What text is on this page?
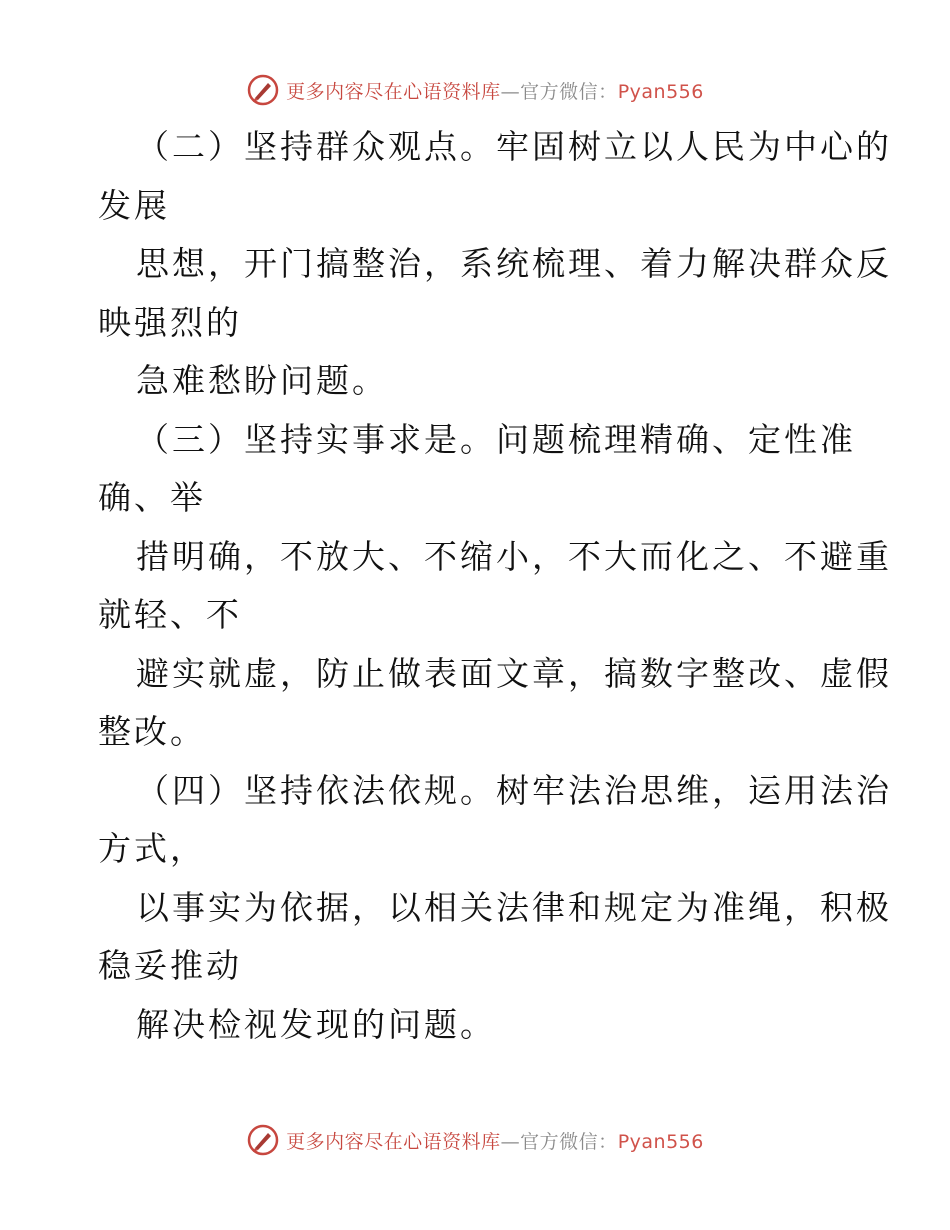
更多内容尽在心语资料库—官方微信：Pyan556
（二）坚持群众观点。牢固树立以人民为中心的
发展
思想，开门搞整治，系统梳理、着力解决群众反
映强烈的
急难愁盼问题。
（三）坚持实事求是。问题梳理精确、定性准
确、举
措明确，不放大、不缩小，不大而化之、不避重
就轻、不
避实就虚，防止做表面文章，搞数字整改、虚假
整改。
（四）坚持依法依规。树牢法治思维，运用法治
方式，
以事实为依据，以相关法律和规定为准绳，积极
稳妥推动
解决检视发现的问题。
更多内容尽在心语资料库—官方微信：Pyan556
